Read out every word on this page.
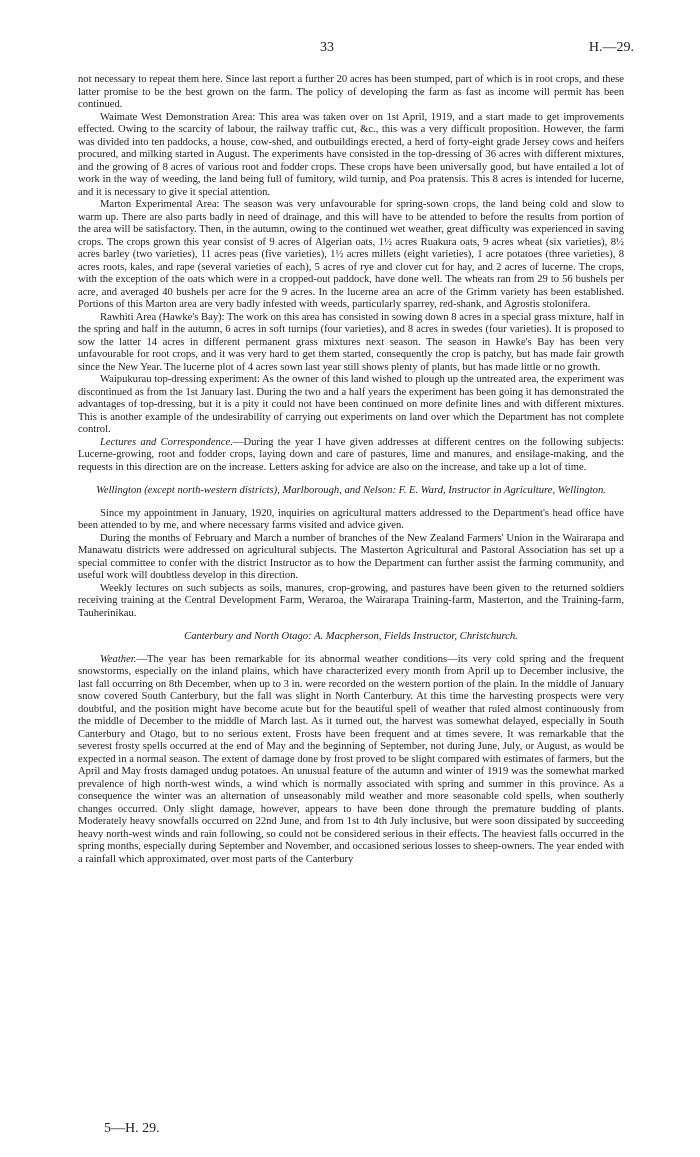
33	H.—29.

not necessary to repeat them here. Since last report a further 20 acres has been stumped, part of which is in root crops, and these latter promise to be the best grown on the farm. The policy of developing the farm as fast as income will permit has been continued.

Waimate West Demonstration Area: This area was taken over on 1st April, 1919, and a start made to get improvements effected. Owing to the scarcity of labour, the railway traffic cut, &c., this was a very difficult proposition. However, the farm was divided into ten paddocks, a house, cow-shed, and outbuildings erected, a herd of forty-eight grade Jersey cows and heifers procured, and milking started in August. The experiments have consisted in the top-dressing of 36 acres with different mixtures, and the growing of 8 acres of various root and fodder crops. These crops have been universally good, but have entailed a lot of work in the way of weeding, the land being full of fumitory, wild turnip, and Poa pratensis. This 8 acres is intended for lucerne, and it is necessary to give it special attention.

Marton Experimental Area: The season was very unfavourable for spring-sown crops, the land being cold and slow to warm up. There are also parts badly in need of drainage, and this will have to be attended to before the results from portion of the area will be satisfactory. Then, in the autumn, owing to the continued wet weather, great difficulty was experienced in saving crops. The crops grown this year consist of 9 acres of Algerian oats, 1½ acres Ruakura oats, 9 acres wheat (six varieties), 8½ acres barley (two varieties), 11 acres peas (five varieties), 1½ acres millets (eight varieties), 1 acre potatoes (three varieties), 8 acres roots, kales, and rape (several varieties of each), 5 acres of rye and clover cut for hay, and 2 acres of lucerne. The crops, with the exception of the oats which were in a cropped-out paddock, have done well. The wheats ran from 29 to 56 bushels per acre, and averaged 40 bushels per acre for the 9 acres. In the lucerne area an acre of the Grimm variety has been established. Portions of this Marton area are very badly infested with weeds, particularly sparrey, red-shank, and Agrostis stolonifera.

Rawhiti Area (Hawke's Bay): The work on this area has consisted in sowing down 8 acres in a special grass mixture, half in the spring and half in the autumn, 6 acres in soft turnips (four varieties), and 8 acres in swedes (four varieties). It is proposed to sow the latter 14 acres in different permanent grass mixtures next season. The season in Hawke's Bay has been very unfavourable for root crops, and it was very hard to get them started, consequently the crop is patchy, but has made fair growth since the New Year. The lucerne plot of 4 acres sown last year still shows plenty of plants, but has made little or no growth.

Waipukurau top-dressing experiment: As the owner of this land wished to plough up the untreated area, the experiment was discontinued as from the 1st January last. During the two and a half years the experiment has been going it has demonstrated the advantages of top-dressing, but it is a pity it could not have been continued on more definite lines and with different mixtures. This is another example of the undesirability of carrying out experiments on land over which the Department has not complete control.

Lectures and Correspondence.—During the year I have given addresses at different centres on the following subjects: Lucerne-growing, root and fodder crops, laying down and care of pastures, lime and manures, and ensilage-making, and the requests in this direction are on the increase. Letters asking for advice are also on the increase, and take up a lot of time.

Wellington (except north-western districts), Marlborough, and Nelson: F. E. Ward, Instructor in Agriculture, Wellington.

Since my appointment in January, 1920, inquiries on agricultural matters addressed to the Department's head office have been attended to by me, and where necessary farms visited and advice given.

During the months of February and March a number of branches of the New Zealand Farmers' Union in the Wairarapa and Manawatu districts were addressed on agricultural subjects. The Masterton Agricultural and Pastoral Association has set up a special committee to confer with the district Instructor as to how the Department can further assist the farming community, and useful work will doubtless develop in this direction.

Weekly lectures on such subjects as soils, manures, crop-growing, and pastures have been given to the returned soldiers receiving training at the Central Development Farm, Weraroa, the Wairarapa Training-farm, Masterton, and the Training-farm, Tauherinikau.

Canterbury and North Otago: A. Macpherson, Fields Instructor, Christchurch.

Weather.—The year has been remarkable for its abnormal weather conditions—its very cold spring and the frequent snowstorms, especially on the inland plains, which have characterized every month from April up to December inclusive, the last fall occurring on 8th December, when up to 3 in. were recorded on the western portion of the plain. In the middle of January snow covered South Canterbury, but the fall was slight in North Canterbury. At this time the harvesting prospects were very doubtful, and the position might have become acute but for the beautiful spell of weather that ruled almost continuously from the middle of December to the middle of March last. As it turned out, the harvest was somewhat delayed, especially in South Canterbury and Otago, but to no serious extent. Frosts have been frequent and at times severe. It was remarkable that the severest frosty spells occurred at the end of May and the beginning of September, not during June, July, or August, as would be expected in a normal season. The extent of damage done by frost proved to be slight compared with estimates of farmers, but the April and May frosts damaged undug potatoes. An unusual feature of the autumn and winter of 1919 was the somewhat marked prevalence of high north-west winds, a wind which is normally associated with spring and summer in this province. As a consequence the winter was an alternation of unseasonably mild weather and more seasonable cold spells, when southerly changes occurred. Only slight damage, however, appears to have been done through the premature budding of plants. Moderately heavy snowfalls occurred on 22nd June, and from 1st to 4th July inclusive, but were soon dissipated by succeeding heavy north-west winds and rain following, so could not be considered serious in their effects. The heaviest falls occurred in the spring months, especially during September and November, and occasioned serious losses to sheep-owners. The year ended with a rainfall which approximated, over most parts of the Canterbury

5—H. 29.
